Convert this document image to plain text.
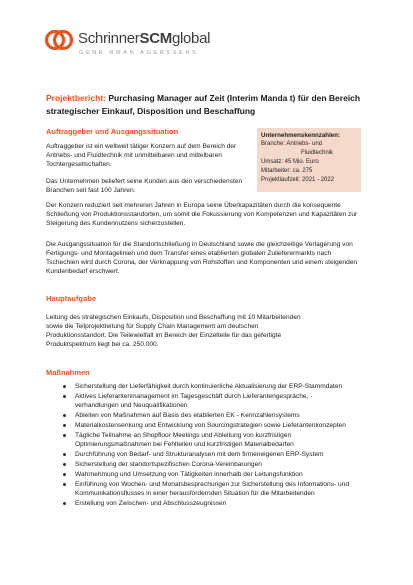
SchrinnerSCMglobal
GENE RMAN AGERSSERS
Projektbericht: Purchasing Manager auf Zeit (Interim Manda t) für den Bereich strategischer Einkauf, Disposition und Beschaffung
Auftraggeber und Ausgangssituation

Auftraggeber ist ein weltweit tätiger Konzern auf dem Bereich der Antriebs- und Fluidtechnik mit unmittelbaren und mittelbaren Tochtergesellschaften.

Das Unternehmen beliefert seine Kunden aus den verschiedensten Branchen seit fast 100 Jahren.

Unternehmenskennzahlen:
Branche: Antriebs- und
Fluidtechnik
Umsatz: 45 Mio. Euro
Mitarbeiter: ca. 275
Projektlaufzeit: 2021 - 2022

Der Konzern reduziert seit mehreren Jahren in Europa seine Überkapazitäten durch die konsequente Schließung von Produktionsstandorten, um somit die Fokussierung von Kompetenzen und Kapazitäten zur Steigerung des Kundennutzens sicherzustellen.

Die Ausgangssituation für die Standortschließung in Deutschland sowie die gleichzeitige Verlagerung von Fertigungs- und Montagelinien und dem Transfer eines etablierten globalen Zulieferermarkts nach Tschechien wird durch Corona, der Verknappung von Rohstoffen und Komponenten und einem steigenden Kundenbedarf erschwert.

Hauptaufgabe

Leitung des strategischen Einkaufs, Disposition und Beschaffung mit 10 Mitarbeitenden sowie die Teilprojektleitung für Supply Chain Management am deutschen Produktionsstandort. Die Teilewielfalt im Bereich der Einzelteile für das gefertigte Produktspektrum liegt bei ca. 250.000.

Maßnahmen
Sicherstellung der Lieferfähigkeit durch kontinuierliche Aktualisierung der ERP-Stammdaten
Aktives Lieferantenmanagement im Tagesgeschäft durch Lieferantengespräche, -verhandlungen und Neuqualifikationen
Ableiten von Maßnahmen auf Basis des etablierten EK - Kennzahlensystems
Materialkostensenkung und Entwicklung von Sourcingstrategien sowie Lieferantenkonzepten
Tägliche Teilnahme an Shopfloor Meetings und Ableitung von kurzfristigen Optimierungsmaßnahmen bei Fehlteilen und kurzfristigen Materialbedarfen
Durchführung von Bedarf- und Strukturanalysen mit dem firmeneigenen ERP-System
Sicherstellung der standortspezifischen Corona-Vereinbarungen
Wahrnehmung und Umsetzung von Tätigkeiten innerhalb der Leitungsfunktion
Einführung von Wochen- und Monatsbesprechungen zur Sicherstellung des Informations- und Kommunikationsflusses in einer herausfordernden Situation für die Mitarbeitenden
Erstellung von Zwischen- und Abschlusszeugnissen
